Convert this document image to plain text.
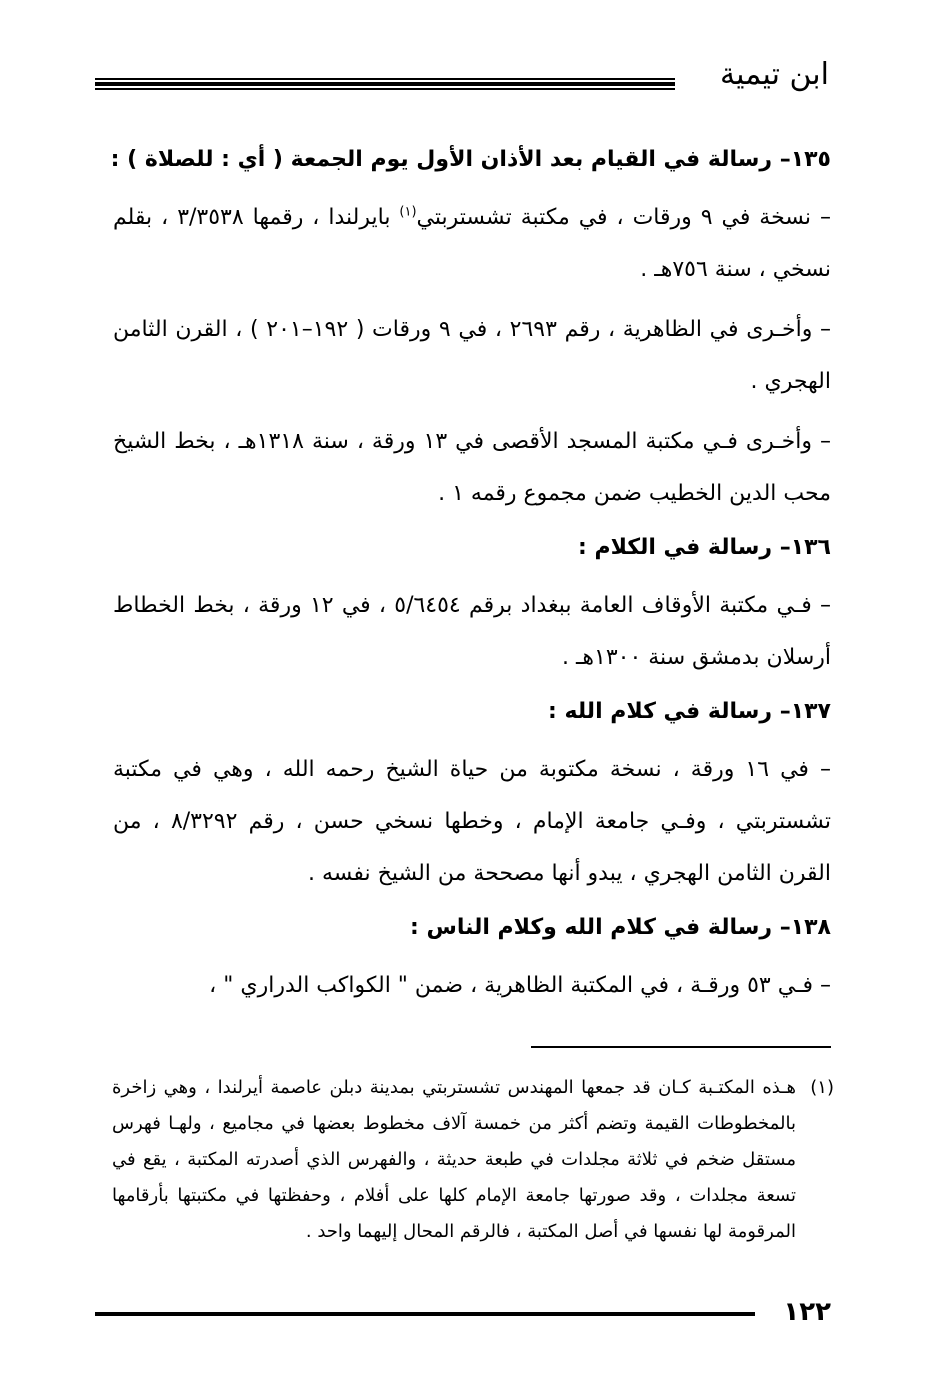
ابن تيمية

١٣٥– رسالة في القيام بعد الأذان الأول يوم الجمعة ( أي : للصلاة ) :

– نسخة في ٩ ورقات ، في مكتبة تشستربتي$^{(١)}$ بايرلندا ، رقمها ٣/٣٥٣٨ ، بقلم نسخي ، سنة ٧٥٦هـ .

– وأخـرى في الظاهرية ، رقم ٢٦٩٣ ، في ٩ ورقات ( ١٩٢–٢٠١ ) ، القرن الثامن الهجري .

– وأخـرى فـي مكتبة المسجد الأقصى في ١٣ ورقة ، سنة ١٣١٨هـ ، بخط الشيخ محب الدين الخطيب ضمن مجموع رقمه ١ .

١٣٦– رسالة في الكلام :

– فـي مكتبة الأوقاف العامة ببغداد برقم ٥/٦٤٥٤ ، في ١٢ ورقة ، بخط الخطاط أرسلان بدمشق سنة ١٣٠٠هـ .

١٣٧– رسالة في كلام الله :

– في ١٦ ورقة ، نسخة مكتوبة من حياة الشيخ رحمه الله ، وهي في مكتبة تشستربتي ، وفـي جامعة الإمام ، وخطها نسخي حسن ، رقم ٨/٣٢٩٢ ، من القرن الثامن الهجري ، يبدو أنها مصححة من الشيخ نفسه .

١٣٨– رسالة في كلام الله وكلام الناس :

– فـي ٥٣ ورقـة ، في المكتبة الظاهرية ، ضمن " الكواكب الدراري " ،

(١)
هـذه المكتـبة كـان قد جمعها المهندس تشستربتي بمدينة دبلن عاصمة أيرلندا ، وهي زاخرة بالمخطوطات القيمة وتضم أكثر من خمسة آلاف مخطوط بعضها في مجاميع ، ولهـا فهرس مستقل ضخم في ثلاثة مجلدات في طبعة حديثة ، والفهرس الذي أصدرته المكتبة ، يقع في تسعة مجلدات ، وقد صورتها جامعة الإمام كلها على أفلام ، وحفظتها في مكتبتها بأرقامها المرقومة لها نفسها في أصل المكتبة ، فالرقم المحال إليهما واحد .
١٢٢
